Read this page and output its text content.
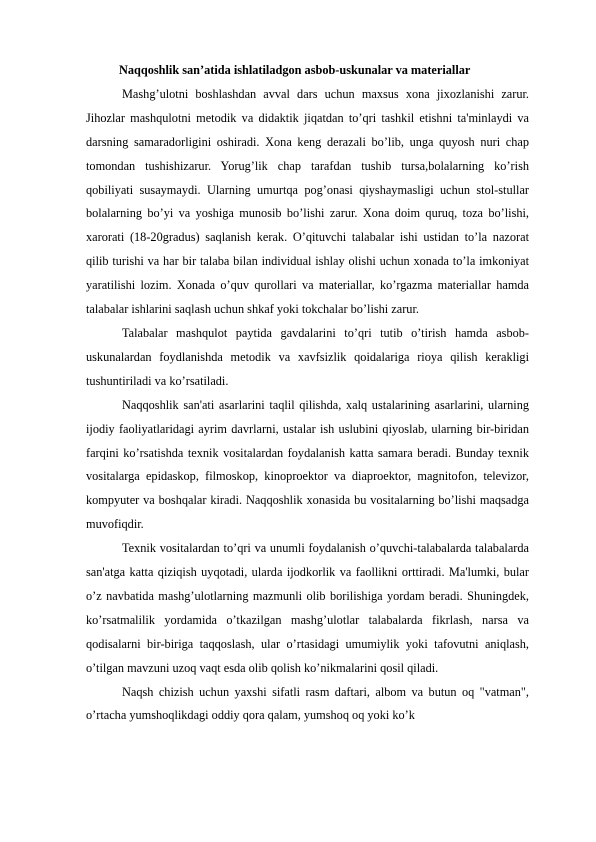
Naqqoshlik san’atida ishlatiladgon asbob-uskunalar va materiallar

Mashg’ulotni boshlashdan avval dars uchun maxsus xona jixozlanishi zarur. Jihozlar mashqulotni metodik va didaktik jiqatdan to’qri tashkil etishni ta'minlaydi va darsning samaradorligini oshiradi. Xona keng derazali bo’lib, unga quyosh nuri chap tomondan tushishizarur. Yorug’lik chap tarafdan tushib tursa,bolalarning ko’rish qobiliyati susaymaydi. Ularning umurtqa pog’onasi qiyshaymasligi uchun stol-stullar bolalarning bo’yi va yoshiga munosib bo’lishi zarur. Xona doim quruq, toza bo’lishi, xarorati (18-20gradus) saqlanish kerak. O’qituvchi talabalar ishi ustidan to’la nazorat qilib turishi va har bir talaba bilan individual ishlay olishi uchun xonada to’la imkoniyat yaratilishi lozim. Xonada o’quv qurollari va materiallar, ko’rgazma materiallar hamda talabalar ishlarini saqlash uchun shkaf yoki tokchalar bo’lishi zarur.

Talabalar mashqulot paytida gavdalarini to’qri tutib o’tirish hamda asbob-uskunalardan foydlanishda metodik va xavfsizlik qoidalariga rioya qilish kerakligi tushuntiriladi va ko’rsatiladi.

Naqqoshlik san'ati asarlarini taqlil qilishda, xalq ustalarining asarlarini, ularning ijodiy faoliyatlaridagi ayrim davrlarni, ustalar ish uslubini qiyoslab, ularning bir-biridan farqini ko’rsatishda texnik vositalardan foydalanish katta samara beradi. Bunday texnik vositalarga epidaskop, filmoskop, kinoproektor va diaproektor, magnitofon, televizor, kompyuter va boshqalar kiradi. Naqqoshlik xonasida bu vositalarning bo’lishi maqsadga muvofiqdir.

Texnik vositalardan to’qri va unumli foydalanish o’quvchi-talabalarda talabalarda san'atga katta qiziqish uyqotadi, ularda ijodkorlik va faollikni orttiradi. Ma'lumki, bular o’z navbatida mashg’ulotlarning mazmunli olib borilishiga yordam beradi. Shuningdek, ko’rsatmalilik yordamida o’tkazilgan mashg’ulotlar talabalarda fikrlash, narsa va qodisalarni bir-biriga taqqoslash, ular o’rtasidagi umumiylik yoki tafovutni aniqlash, o’tilgan mavzuni uzoq vaqt esda olib qolish ko’nikmalarini qosil qiladi.

Naqsh chizish uchun yaxshi sifatli rasm daftari, albom va butun oq "vatman", o’rtacha yumshoqlikdagi oddiy qora qalam, yumshoq oq yoki ko’k
